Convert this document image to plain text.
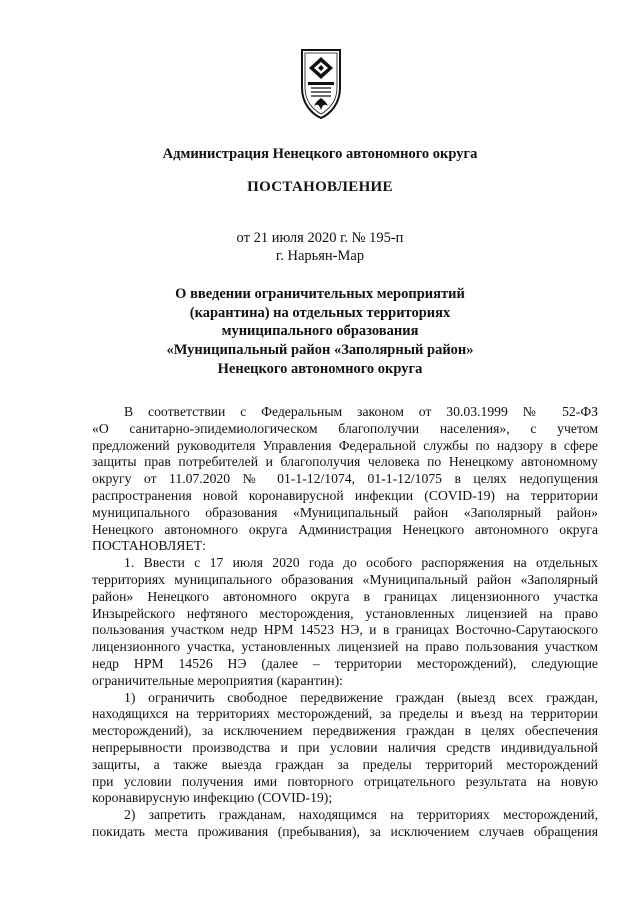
Администрация Ненецкого автономного округа
ПОСТАНОВЛЕНИЕ
от 21 июля 2020 г. № 195-п
г. Нарьян-Мар
О введении ограничительных мероприятий
(карантина) на отдельных территориях
муниципального образования
«Муниципальный район «Заполярный район»
Ненецкого автономного округа
В соответствии с Федеральным законом от 30.03.1999 № 52-ФЗ
«О санитарно-эпидемиологическом благополучии населения», с учетом
предложений руководителя Управления Федеральной службы по надзору в сфере
защиты прав потребителей и благополучия человека по Ненецкому автономному
округу от 11.07.2020 № 01-1-12/1074, 01-1-12/1075 в целях недопущения
распространения новой коронавирусной инфекции (COVID-19) на территории
муниципального образования «Муниципальный район «Заполярный район»
Ненецкого автономного округа Администрация Ненецкого автономного округа
ПОСТАНОВЛЯЕТ:
1. Ввести с 17 июля 2020 года до особого распоряжения на отдельных
территориях муниципального образования «Муниципальный район «Заполярный
район» Ненецкого автономного округа в границах лицензионного участка
Инзырейского нефтяного месторождения, установленных лицензией на право
пользования участком недр НРМ 14523 НЭ, и в границах Восточно-Сарутаюского
лицензионного участка, установленных лицензией на право пользования участком
недр НРМ 14526 НЭ (далее – территории месторождений), следующие
ограничительные мероприятия (карантин):
1) ограничить свободное передвижение граждан (выезд всех граждан,
находящихся на территориях месторождений, за пределы и въезд на территории
месторождений), за исключением передвижения граждан в целях обеспечения
непрерывности производства и при условии наличия средств индивидуальной
защиты, а также выезда граждан за пределы территорий месторождений
при условии получения ими повторного отрицательного результата на новую
коронавирусную инфекцию (COVID-19);
2) запретить гражданам, находящимся на территориях месторождений,
покидать места проживания (пребывания), за исключением случаев обращения
